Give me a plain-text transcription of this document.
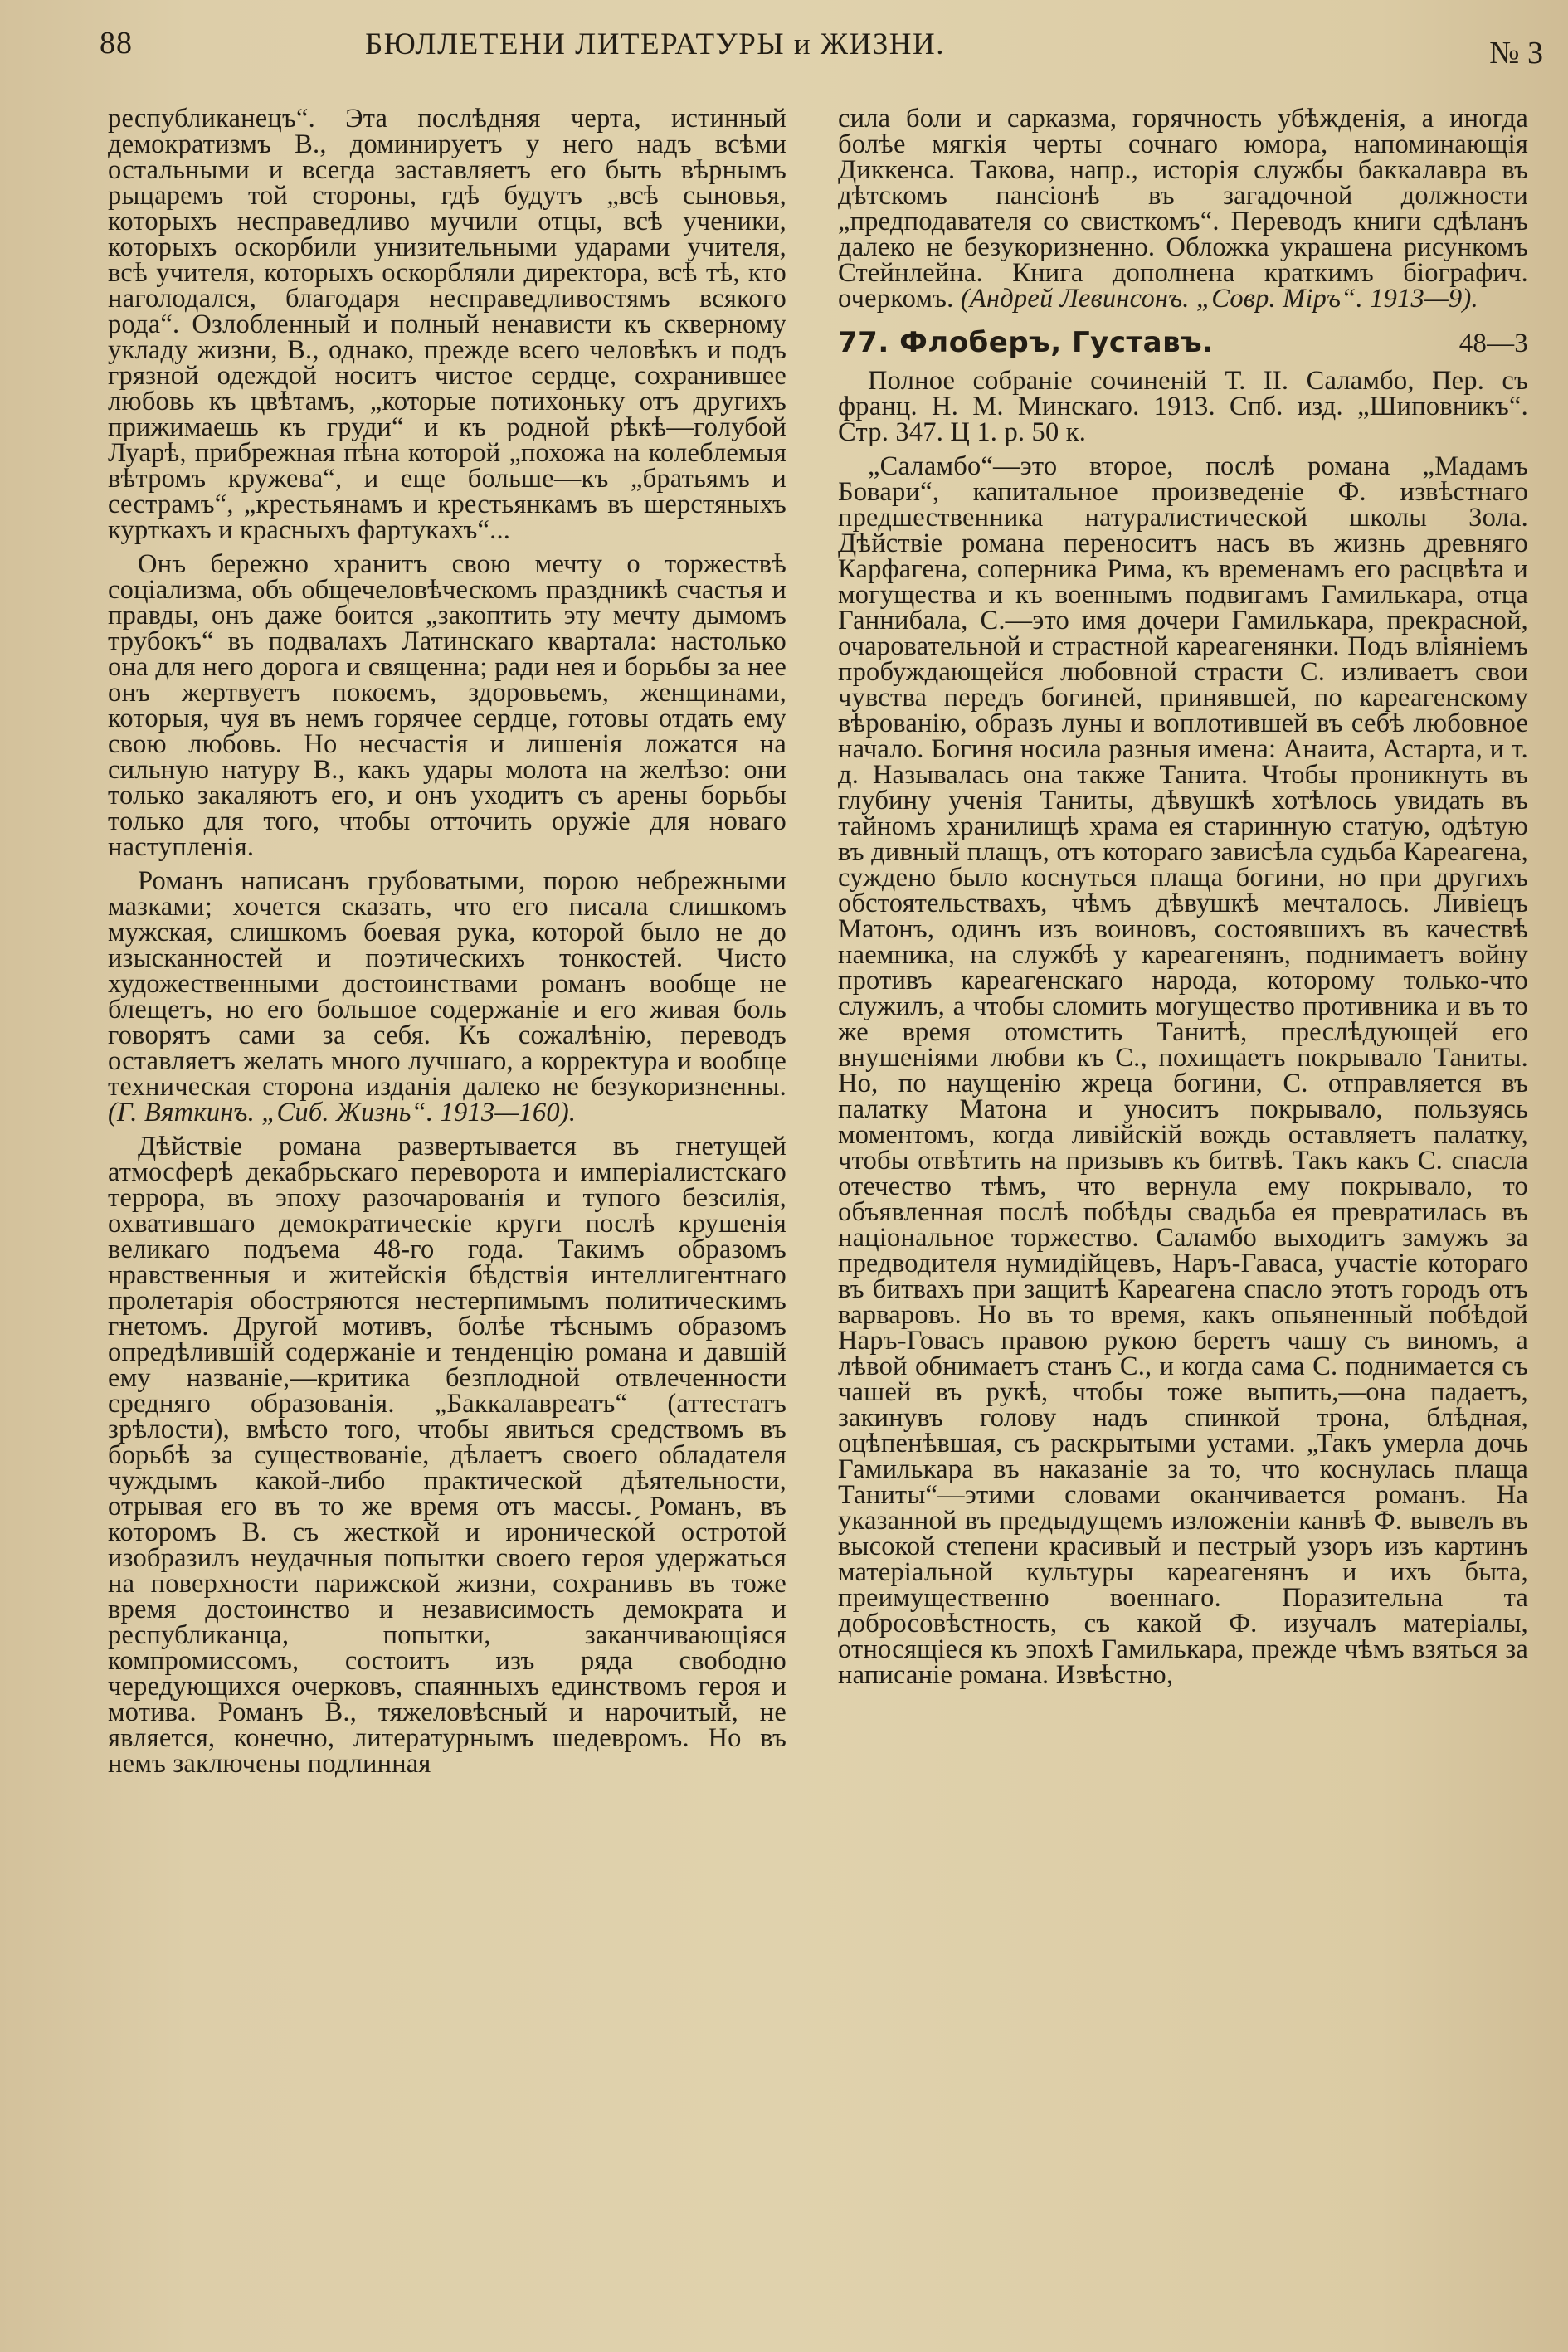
88	БЮЛЛЕТЕНИ ЛИТЕРАТУРЫ и ЖИЗНИ.	№ 3

республиканецъ“. Эта послѣдняя черта, истинный демократизмъ В., доминируетъ у него надъ всѣми остальными и всегда заставляетъ его быть вѣрнымъ рыцаремъ той стороны, гдѣ будутъ „всѣ сыновья, которыхъ несправедливо мучили отцы, всѣ ученики, которыхъ оскорбили унизительными ударами учителя, всѣ учителя, которыхъ оскорбляли директора, всѣ тѣ, кто наголодался, благодаря несправедливостямъ всякого рода“. Озлобленный и полный ненависти къ скверному укладу жизни, В., однако, прежде всего человѣкъ и подъ грязной одеждой носитъ чистое сердце, сохранившее любовь къ цвѣтамъ, „которые потихоньку отъ другихъ прижимаешь къ груди“ и къ родной рѣкѣ—голубой Луарѣ, прибрежная пѣна которой „похожа на колеблемыя вѣтромъ кружева“, и еще больше—къ „братьямъ и сестрамъ“, „крестьянамъ и крестьянкамъ въ шерстяныхъ курткахъ и красныхъ фартукахъ“...

Онъ бережно хранитъ свою мечту о торжествѣ соціализма, объ общечеловѣческомъ праздникѣ счастья и правды, онъ даже боится „закоптить эту мечту дымомъ трубокъ“ въ подвалахъ Латинскаго квартала: настолько она для него дорога и священна; ради нея и борьбы за нее онъ жертвуетъ покоемъ, здоровьемъ, женщинами, которыя, чуя въ немъ горячее сердце, готовы отдать ему свою любовь. Но несчастія и лишенія ложатся на сильную натуру В., какъ удары молота на желѣзо: они только закаляютъ его, и онъ уходитъ съ арены борьбы только для того, чтобы отточить оружіе для новаго наступленія.

Романъ написанъ грубоватыми, порою небрежными мазками; хочется сказать, что его писала слишкомъ мужская, слишкомъ боевая рука, которой было не до изысканностей и поэтическихъ тонкостей. Чисто художественными достоинствами романъ вообще не блещетъ, но его большое содержаніе и его живая боль говорятъ сами за себя. Къ сожалѣнію, переводъ оставляетъ желать много лучшаго, а корректура и вообще техническая сторона изданія далеко не безукоризненны. (Г. Вяткинъ. „Сиб. Жизнь“. 1913—160).

Дѣйствіе романа развертывается въ гнетущей атмосферѣ декабрьскаго переворота и имперіалистскаго террора, въ эпоху разочарованія и тупого безсилія, охватившаго демократическіе круги послѣ крушенія великаго подъема 48-го года. Такимъ образомъ нравственныя и житейскія бѣдствія интеллигентнаго пролетарія обостряются нестерпимымъ политическимъ гнетомъ. Другой мотивъ, болѣе тѣснымъ образомъ опредѣлившій содержаніе и тенденцію романа и давшій ему названіе,—критика безплодной отвлеченности средняго образованія. „Баккалавреатъ“ (аттестатъ зрѣлости), вмѣсто того, чтобы явиться средствомъ въ борьбѣ за существованіе, дѣлаетъ своего обладателя чуждымъ какой-либо практической дѣятельности, отрывая его въ то же время отъ массы. Романъ, въ которомъ В. съ жесткой и ироническо́й остротой изобразилъ неудачныя попытки своего героя удержаться на поверхности парижской жизни, сохранивъ въ тоже время достоинство и независимость демократа и республиканца, попытки, заканчивающіяся компромиссомъ, состоитъ изъ ряда свободно чередующихся очерковъ, спаянныхъ единствомъ героя и мотива. Романъ В., тяжеловѣсный и нарочитый, не является, конечно, литературнымъ шедевромъ. Но въ немъ заключены подлинная

сила боли и сарказма, горячность убѣжденія, а иногда болѣе мягкія черты сочнаго юмора, напоминающія Диккенса. Такова, напр., исторія службы баккалавра въ дѣтскомъ пансіонѣ въ загадочной должности „предподавателя со свисткомъ“. Переводъ книги сдѣланъ далеко не безукоризненно. Обложка украшена рисункомъ Стейнлейна. Книга дополнена краткимъ біографич. очеркомъ. (Андрей Левинсонъ. „Совр. Міръ“. 1913—9).

77. Флоберъ, Густавъ.	48—3

Полное собраніе сочиненій Т. II. Саламбо, Пер. съ франц. Н. М. Минскаго. 1913. Спб. изд. „Шиповникъ“. Стр. 347. Ц 1. р. 50 к.

„Саламбо“—это второе, послѣ романа „Мадамъ Бовари“, капитальное произведеніе Ф. извѣстнаго предшественника натуралистической школы Зола. Дѣйствіе романа переноситъ насъ въ жизнь древняго Карфагена, соперника Рима, къ временамъ его расцвѣта и могущества и къ военнымъ подвигамъ Гамилькара, отца Ганнибала, С.—это имя дочери Гамилькара, прекрасной, очаровательной и страстной кареагенянки. Подъ вліяніемъ пробуждающейся любовной страсти С. изливаетъ свои чувства передъ богиней, принявшей, по кареагенскому вѣрованію, образъ луны и воплотившей въ себѣ любовное начало. Богиня носила разныя имена: Анаита, Астарта, и т. д. Называлась она также Танита. Чтобы проникнуть въ глубину ученія Таниты, дѣвушкѣ хотѣлось увидать въ тайномъ хранилищѣ храма ея старинную статую, одѣтую въ дивный плащъ, отъ котораго зависѣла судьба Кареагена, суждено было коснуться плаща богини, но при другихъ обстоятельствахъ, чѣмъ дѣвушкѣ мечталось. Ливіецъ Матонъ, одинъ изъ воиновъ, состоявшихъ въ качествѣ наемника, на службѣ у кареагенянъ, поднимаетъ войну противъ кареагенскаго народа, которому только-что служилъ, а чтобы сломить могущество противника и въ то же время отомстить Танитѣ, преслѣдующей его внушеніями любви къ С., похищаетъ покрывало Таниты. Но, по наущенію жреца богини, С. отправляется въ палатку Матона и уноситъ покрывало, пользуясь моментомъ, когда ливійскій вождь оставляетъ палатку, чтобы отвѣтить на призывъ къ битвѣ. Такъ какъ С. спасла отечество тѣмъ, что вернула ему покрывало, то объявленная послѣ побѣды свадьба ея превратилась въ національное торжество. Саламбо выходитъ замужъ за предводителя нумидійцевъ, Наръ-Гаваса, участіе котораго въ битвахъ при защитѣ Кареагена спасло этотъ городъ отъ варваровъ. Но въ то время, какъ опьяненный побѣдой Наръ-Говасъ правою рукою беретъ чашу съ виномъ, а лѣвой обнимаетъ станъ С., и когда сама С. поднимается съ чашей въ рукѣ, чтобы тоже выпить,—она падаетъ, закинувъ голову надъ спинкой трона, блѣдная, оцѣпенѣвшая, съ раскрытыми устами. „Такъ умерла дочь Гамилькара въ наказаніе за то, что коснулась плаща Таниты“—этими словами оканчивается романъ. На указанной въ предыдущемъ изложеніи канвѣ Ф. вывелъ въ высокой степени красивый и пестрый узоръ изъ картинъ матеріальной культуры кареагенянъ и ихъ быта, преимущественно военнаго. Поразительна та добросовѣстность, съ какой Ф. изучалъ матеріалы, относящіеся къ эпохѣ Гамилькара, прежде чѣмъ взяться за написаніе романа. Извѣстно,
